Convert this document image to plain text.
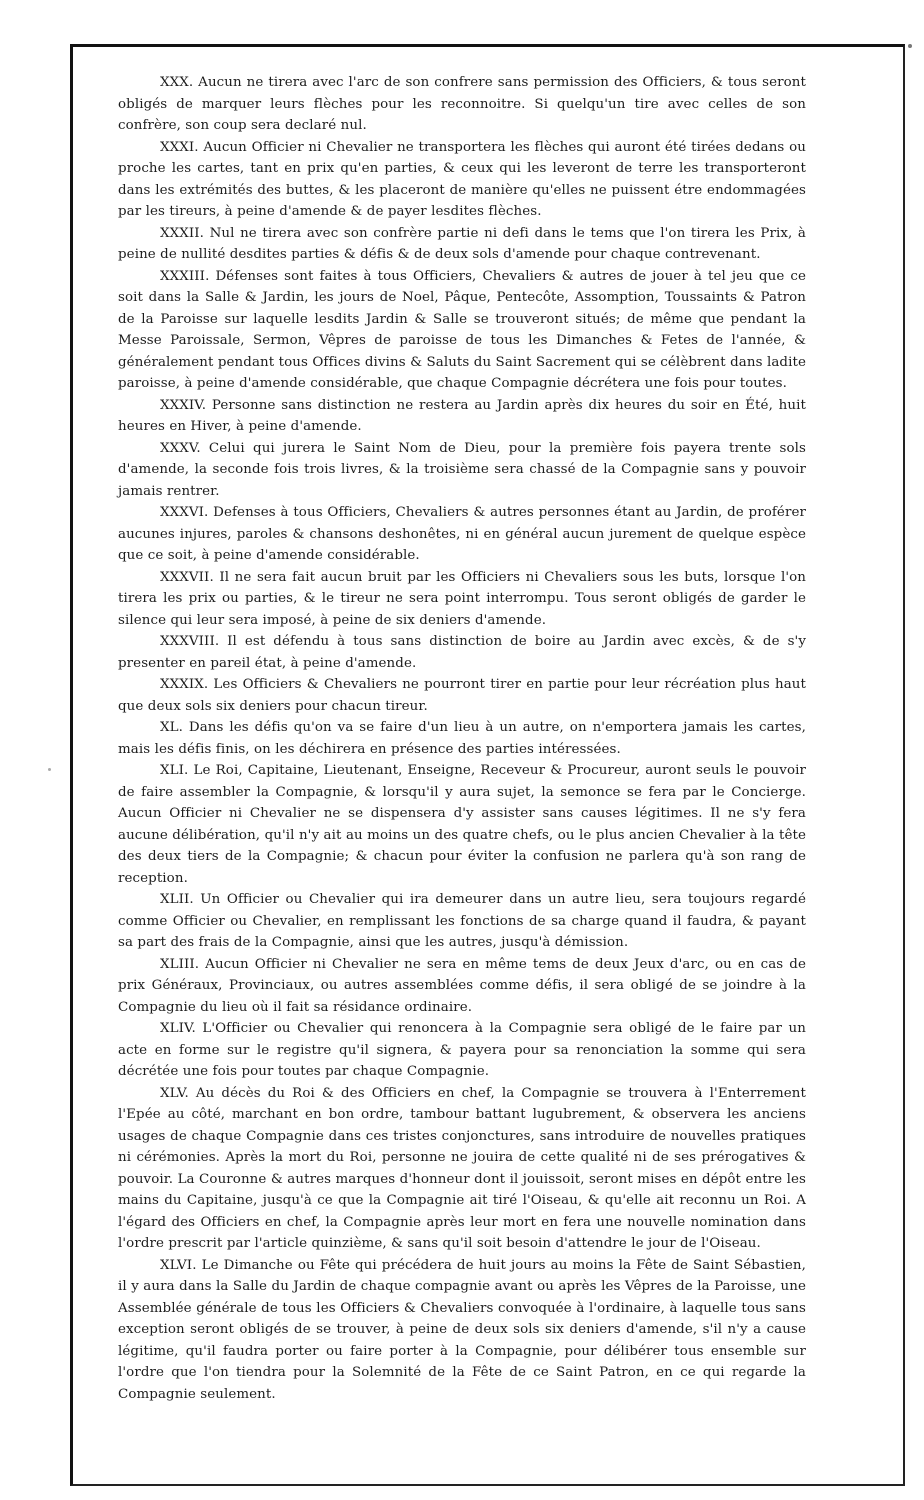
XXX. Aucun ne tirera avec l'arc de son confrere sans permission des Officiers, & tous seront obligés de marquer leurs flèches pour les reconnoitre. Si quelqu'un tire avec celles de son confrère, son coup sera declaré nul.

XXXI. Aucun Officier ni Chevalier ne transportera les flèches qui auront été tirées dedans ou proche les cartes, tant en prix qu'en parties, & ceux qui les leveront de terre les transporteront dans les extrémités des buttes, & les placeront de manière qu'elles ne puissent étre endommagées par les tireurs, à peine d'amende & de payer lesdites flèches.

XXXII. Nul ne tirera avec son confrère partie ni defi dans le tems que l'on tirera les Prix, à peine de nullité desdites parties & défis & de deux sols d'amende pour chaque contrevenant.

XXXIII. Défenses sont faites à tous Officiers, Chevaliers & autres de jouer à tel jeu que ce soit dans la Salle & Jardin, les jours de Noel, Pâque, Pentecôte, Assomption, Toussaints & Patron de la Paroisse sur laquelle lesdits Jardin & Salle se trouveront situés; de même que pendant la Messe Paroissale, Sermon, Vêpres de paroisse de tous les Dimanches & Fetes de l'année, & généralement pendant tous Offices divins & Saluts du Saint Sacrement qui se célèbrent dans ladite paroisse, à peine d'amende considérable, que chaque Compagnie décrétera une fois pour toutes.

XXXIV. Personne sans distinction ne restera au Jardin après dix heures du soir en Été, huit heures en Hiver, à peine d'amende.

XXXV. Celui qui jurera le Saint Nom de Dieu, pour la première fois payera trente sols d'amende, la seconde fois trois livres, & la troisième sera chassé de la Compagnie sans y pouvoir jamais rentrer.

XXXVI. Defenses à tous Officiers, Chevaliers & autres personnes étant au Jardin, de proférer aucunes injures, paroles & chansons deshonêtes, ni en général aucun jurement de quelque espèce que ce soit, à peine d'amende considérable.

XXXVII. Il ne sera fait aucun bruit par les Officiers ni Chevaliers sous les buts, lorsque l'on tirera les prix ou parties, & le tireur ne sera point interrompu. Tous seront obligés de garder le silence qui leur sera imposé, à peine de six deniers d'amende.

XXXVIII. Il est défendu à tous sans distinction de boire au Jardin avec excès, & de s'y presenter en pareil état, à peine d'amende.

XXXIX. Les Officiers & Chevaliers ne pourront tirer en partie pour leur récréation plus haut que deux sols six deniers pour chacun tireur.

XL. Dans les défis qu'on va se faire d'un lieu à un autre, on n'emportera jamais les cartes, mais les défis finis, on les déchirera en présence des parties intéressées.

XLI. Le Roi, Capitaine, Lieutenant, Enseigne, Receveur & Procureur, auront seuls le pouvoir de faire assembler la Compagnie, & lorsqu'il y aura sujet, la semonce se fera par le Concierge. Aucun Officier ni Chevalier ne se dispensera d'y assister sans causes légitimes. Il ne s'y fera aucune délibération, qu'il n'y ait au moins un des quatre chefs, ou le plus ancien Chevalier à la tête des deux tiers de la Compagnie; & chacun pour éviter la confusion ne parlera qu'à son rang de reception.

XLII. Un Officier ou Chevalier qui ira demeurer dans un autre lieu, sera toujours regardé comme Officier ou Chevalier, en remplissant les fonctions de sa charge quand il faudra, & payant sa part des frais de la Compagnie, ainsi que les autres, jusqu'à démission.

XLIII. Aucun Officier ni Chevalier ne sera en même tems de deux Jeux d'arc, ou en cas de prix Généraux, Provinciaux, ou autres assemblées comme défis, il sera obligé de se joindre à la Compagnie du lieu où il fait sa résidance ordinaire.

XLIV. L'Officier ou Chevalier qui renoncera à la Compagnie sera obligé de le faire par un acte en forme sur le registre qu'il signera, & payera pour sa renonciation la somme qui sera décrétée une fois pour toutes par chaque Compagnie.

XLV. Au décès du Roi & des Officiers en chef, la Compagnie se trouvera à l'Enterrement l'Epée au côté, marchant en bon ordre, tambour battant lugubrement, & observera les anciens usages de chaque Compagnie dans ces tristes conjonctures, sans introduire de nouvelles pratiques ni cérémonies. Après la mort du Roi, personne ne jouira de cette qualité ni de ses prérogatives & pouvoir. La Couronne & autres marques d'honneur dont il jouissoit, seront mises en dépôt entre les mains du Capitaine, jusqu'à ce que la Compagnie ait tiré l'Oiseau, & qu'elle ait reconnu un Roi. A l'égard des Officiers en chef, la Compagnie après leur mort en fera une nouvelle nomination dans l'ordre prescrit par l'article quinzième, & sans qu'il soit besoin d'attendre le jour de l'Oiseau.

XLVI. Le Dimanche ou Fête qui précédera de huit jours au moins la Fête de Saint Sébastien, il y aura dans la Salle du Jardin de chaque compagnie avant ou après les Vêpres de la Paroisse, une Assemblée générale de tous les Officiers & Chevaliers convoquée à l'ordinaire, à laquelle tous sans exception seront obligés de se trouver, à peine de deux sols six deniers d'amende, s'il n'y a cause légitime, qu'il faudra porter ou faire porter à la Compagnie, pour délibérer tous ensemble sur l'ordre que l'on tiendra pour la Solemnité de la Fête de ce Saint Patron, en ce qui regarde la Compagnie seulement.
